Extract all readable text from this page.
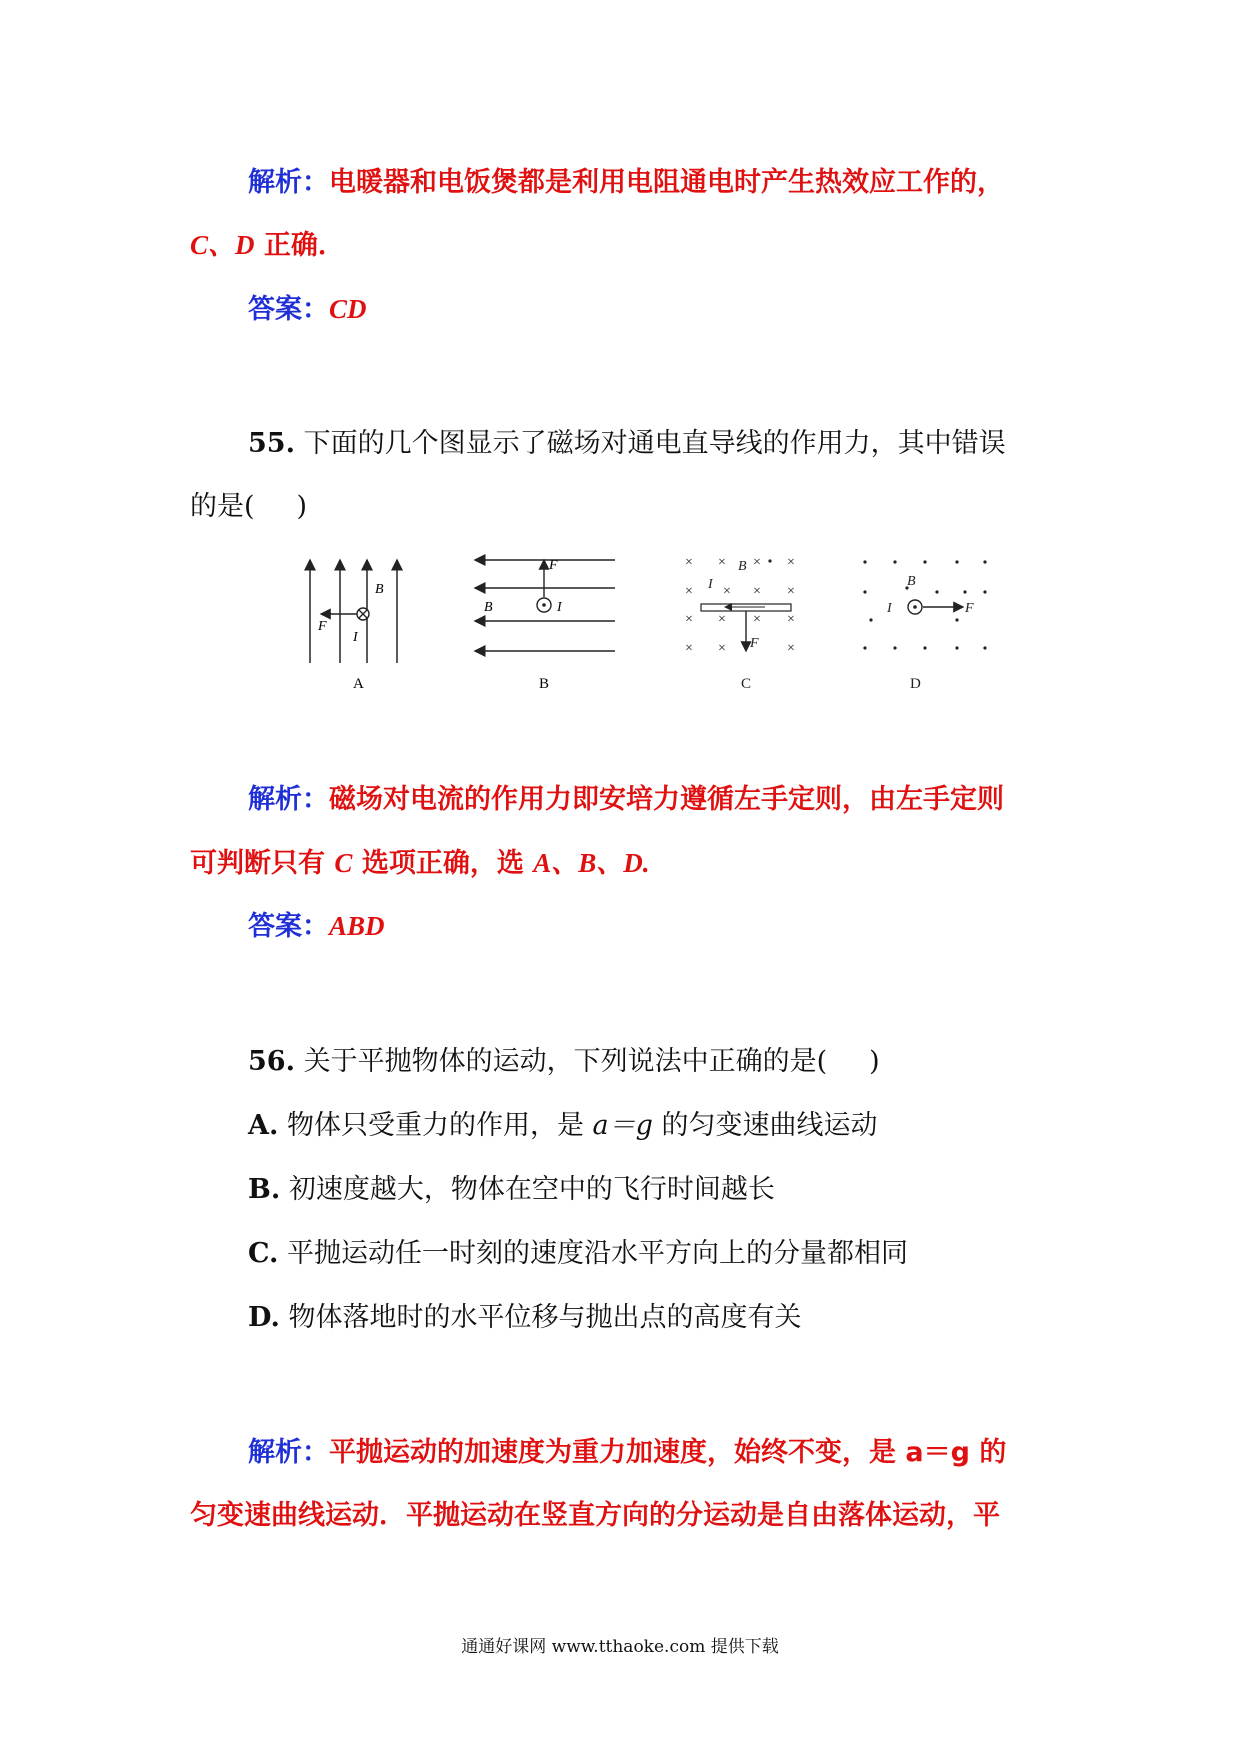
解析：电暖器和电饭煲都是利用电阻通电时产生热效应工作的，
C、D 正确．
答案：CD
55. 下面的几个图显示了磁场对通电直导线的作用力，其中错误
的是( )
B
F
I
A
F
B	I
B
× × × ×
× × × ×
× × × ×
× ×	×
B
I
F
C
B
I	F
D
解析：磁场对电流的作用力即安培力遵循左手定则，由左手定则
可判断只有 C 选项正确，选 A、B、D.
答案：ABD
56. 关于平抛物体的运动，下列说法中正确的是( )
A. 物体只受重力的作用，是 a＝g 的匀变速曲线运动
B. 初速度越大，物体在空中的飞行时间越长
C. 平抛运动任一时刻的速度沿水平方向上的分量都相同
D. 物体落地时的水平位移与抛出点的高度有关
解析：平抛运动的加速度为重力加速度，始终不变，是 a＝g 的
匀变速曲线运动．平抛运动在竖直方向的分运动是自由落体运动，平
通通好课网 www.tthaoke.com 提供下载
